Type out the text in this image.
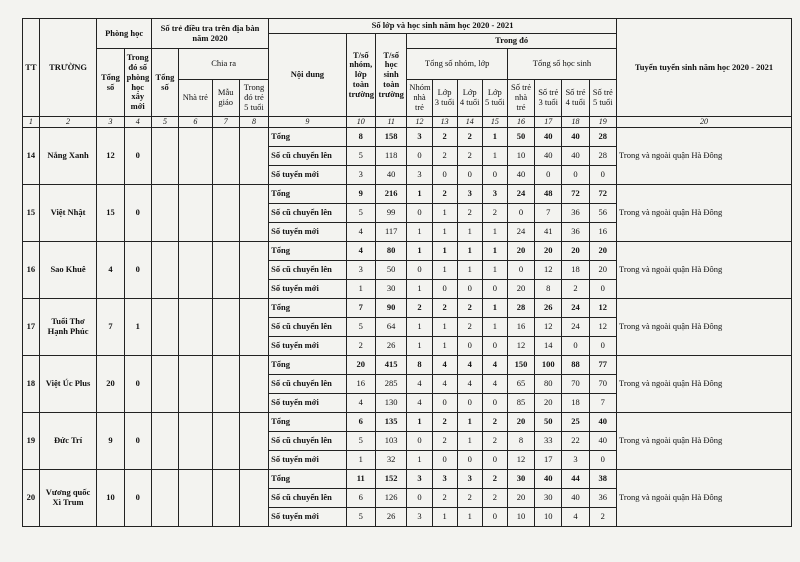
TT	TRƯỜNG	Phòng học		Số trẻ điều tra trên địa bàn năm 2020				Số lớp và học sinh năm học 2020 - 2021											Tuyển tuyển sinh năm học 2020 - 2021
								Nội dung	T/số nhóm, lớp toàn trường	T/số học sinh toàn trường	Trong đó								
		Tổng số	Trong đó số phòng học xây mới	Tổng số	Chia ra						Tổng số nhóm, lớp				Tổng số học sinh				
					Nhà trẻ	Mẫu giáo	Trong đó trẻ 5 tuổi				Nhóm nhà trẻ	Lớp 3 tuổi	Lớp 4 tuổi	Lớp 5 tuổi	Số trẻ nhà trẻ	Số trẻ 3 tuổi	Số trẻ 4 tuổi	Số trẻ 5 tuổi	
1	2	3	4	5	6	7	8	9	10	11	12	13	14	15	16	17	18	19	20
14	Nắng Xanh	12	0					Tổng	8	158	3	2	2	1	50	40	40	28	Trong và ngoài quận Hà Đông
								Số cũ chuyển lên	5	118	0	2	2	1	10	40	40	28	
								Số tuyển mới	3	40	3	0	0	0	40	0	0	0	
15	Việt Nhật	15	0					Tổng	9	216	1	2	3	3	24	48	72	72	Trong và ngoài quận Hà Đông
								Số cũ chuyển lên	5	99	0	1	2	2	0	7	36	56	
								Số tuyển mới	4	117	1	1	1	1	24	41	36	16	
16	Sao Khuê	4	0					Tổng	4	80	1	1	1	1	20	20	20	20	Trong và ngoài quận Hà Đông
								Số cũ chuyển lên	3	50	0	1	1	1	0	12	18	20	
								Số tuyển mới	1	30	1	0	0	0	20	8	2	0	
17	Tuổi Thơ Hạnh Phúc	7	1					Tổng	7	90	2	2	2	1	28	26	24	12	Trong và ngoài quận Hà Đông
								Số cũ chuyển lên	5	64	1	1	2	1	16	12	24	12	
								Số tuyển mới	2	26	1	1	0	0	12	14	0	0	
18	Việt Úc Plus	20	0					Tổng	20	415	8	4	4	4	150	100	88	77	Trong và ngoài quận Hà Đông
								Số cũ chuyển lên	16	285	4	4	4	4	65	80	70	70	
								Số tuyển mới	4	130	4	0	0	0	85	20	18	7	
19	Đức Trí	9	0					Tổng	6	135	1	2	1	2	20	50	25	40	Trong và ngoài quận Hà Đông
								Số cũ chuyển lên	5	103	0	2	1	2	8	33	22	40	
								Số tuyển mới	1	32	1	0	0	0	12	17	3	0	
20	Vương quốc Xì Trum	10	0					Tổng	11	152	3	3	3	2	30	40	44	38	Trong và ngoài quận Hà Đông
								Số cũ chuyển lên	6	126	0	2	2	2	20	30	40	36	
								Số tuyển mới	5	26	3	1	1	0	10	10	4	2	
